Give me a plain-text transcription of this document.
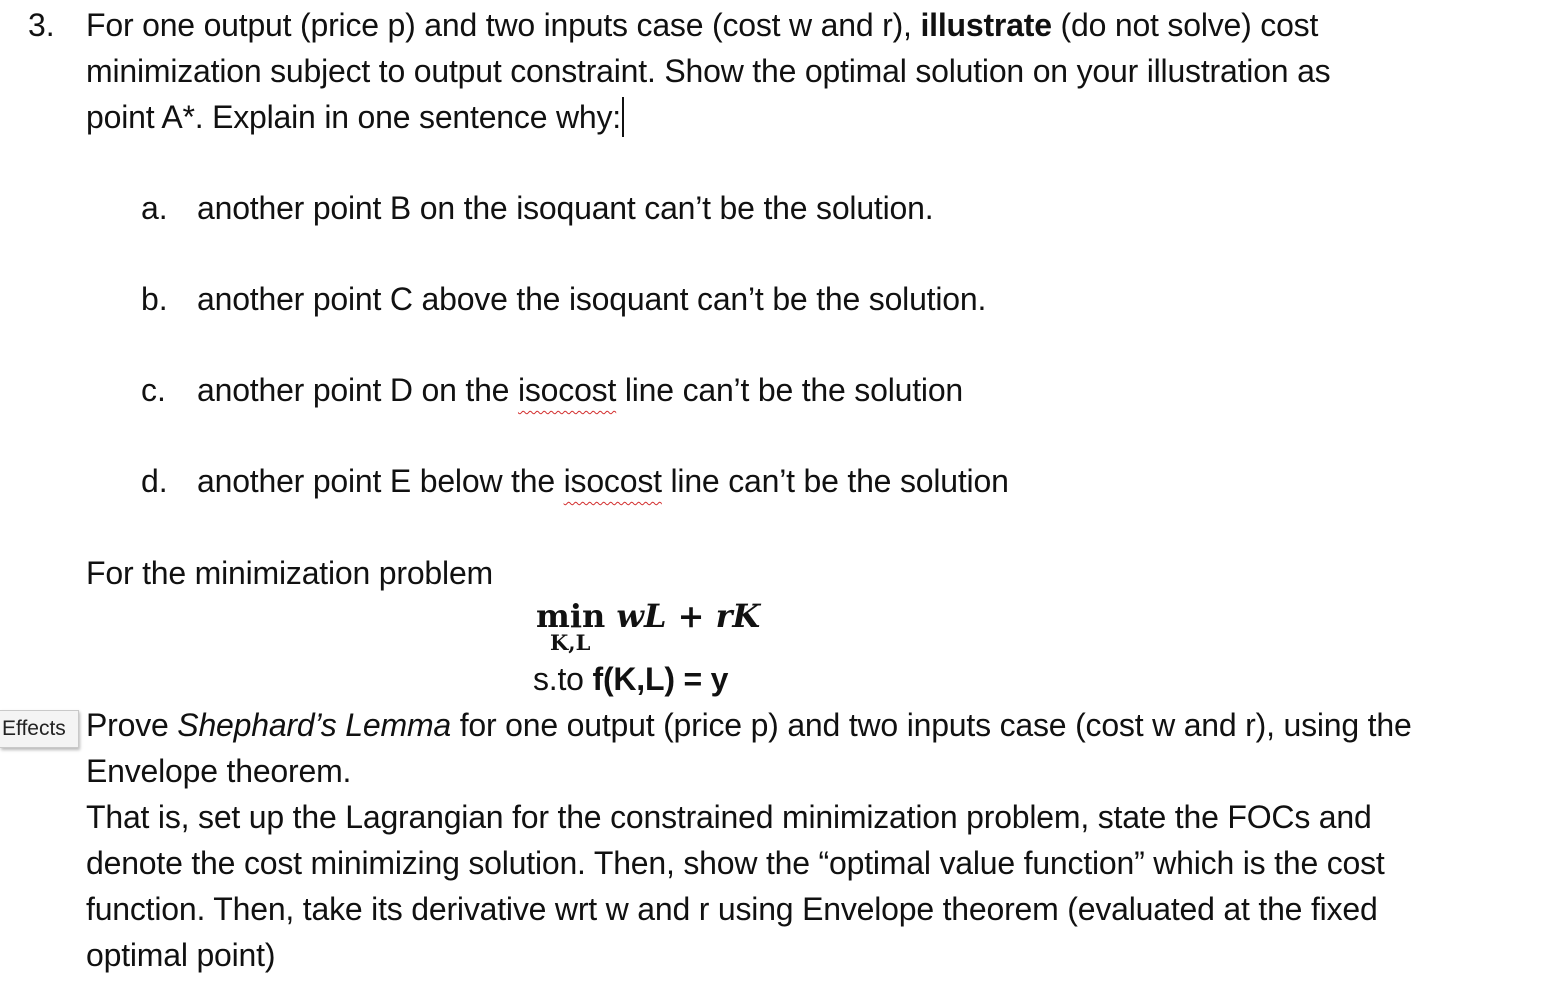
3. For one output (price p) and two inputs case (cost w and r), illustrate (do not solve) cost
minimization subject to output constraint. Show the optimal solution on your illustration as
point A*. Explain in one sentence why:
a. another point B on the isoquant can’t be the solution.
b. another point C above the isoquant can’t be the solution.
c. another point D on the isocost line can’t be the solution
d. another point E below the isocost line can’t be the solution
For the minimization problem
min wL + rK
K,L
s.to f(K,L) = y
Effects Prove Shephard’s Lemma for one output (price p) and two inputs case (cost w and r), using the
Envelope theorem.
That is, set up the Lagrangian for the constrained minimization problem, state the FOCs and
denote the cost minimizing solution. Then, show the “optimal value function” which is the cost
function. Then, take its derivative wrt w and r using Envelope theorem (evaluated at the fixed
optimal point)
